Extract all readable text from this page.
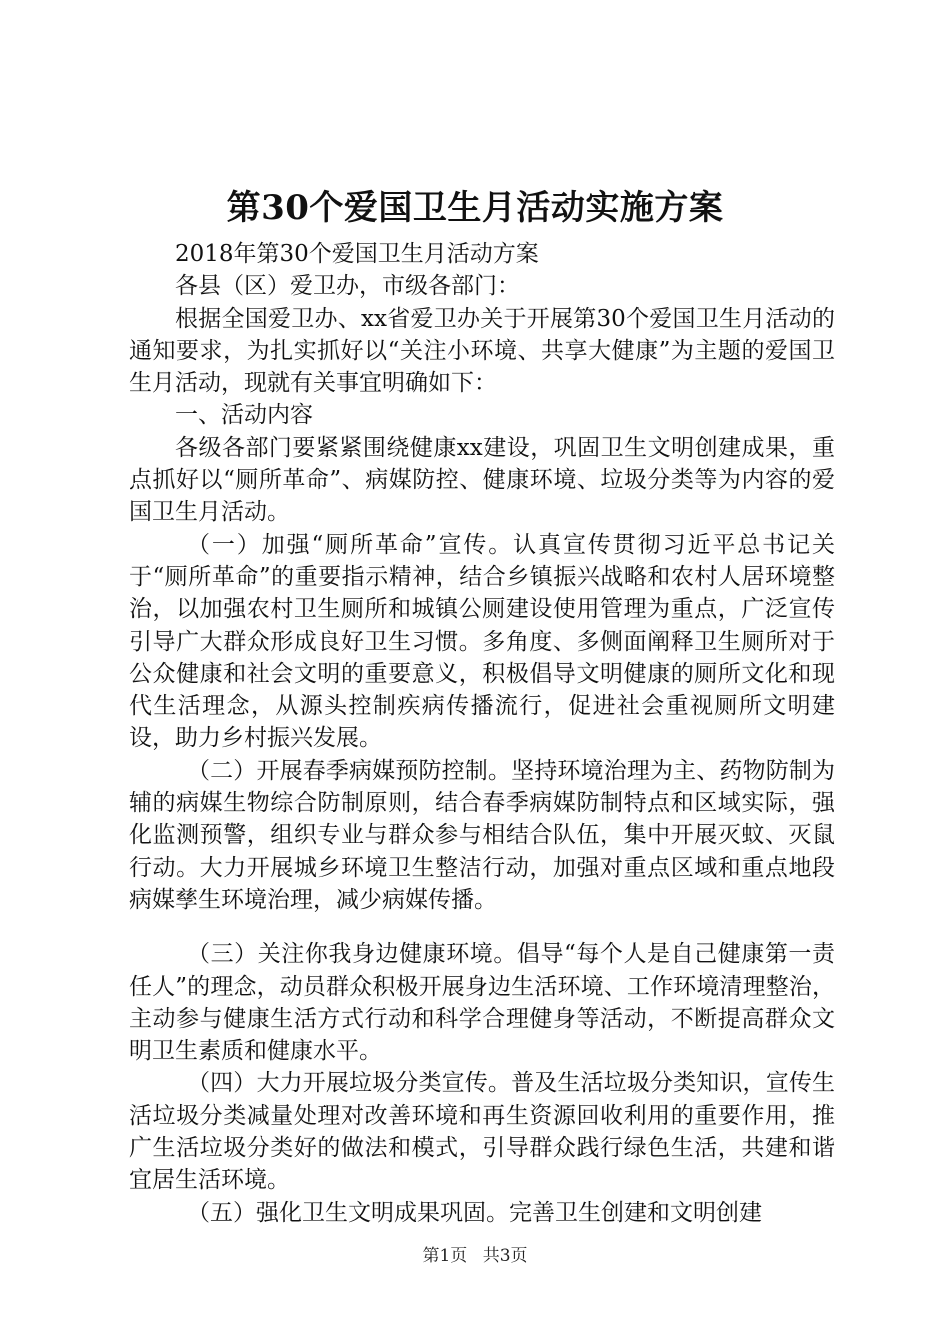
第30个爱国卫生月活动实施方案

2018年第30个爱国卫生月活动方案

各县（区）爱卫办，市级各部门：

根据全国爱卫办、xx省爱卫办关于开展第30个爱国卫生月活动的通知要求，为扎实抓好以“关注小环境、共享大健康”为主题的爱国卫生月活动，现就有关事宜明确如下：

一、活动内容

各级各部门要紧紧围绕健康xx建设，巩固卫生文明创建成果，重点抓好以“厕所革命”、病媒防控、健康环境、垃圾分类等为内容的爱国卫生月活动。

（一）加强“厕所革命”宣传。认真宣传贯彻习近平总书记关于“厕所革命”的重要指示精神，结合乡镇振兴战略和农村人居环境整治，以加强农村卫生厕所和城镇公厕建设使用管理为重点，广泛宣传引导广大群众形成良好卫生习惯。多角度、多侧面阐释卫生厕所对于公众健康和社会文明的重要意义，积极倡导文明健康的厕所文化和现代生活理念，从源头控制疾病传播流行，促进社会重视厕所文明建设，助力乡村振兴发展。

（二）开展春季病媒预防控制。坚持环境治理为主、药物防制为辅的病媒生物综合防制原则，结合春季病媒防制特点和区域实际，强化监测预警，组织专业与群众参与相结合队伍，集中开展灭蚊、灭鼠行动。大力开展城乡环境卫生整洁行动，加强对重点区域和重点地段病媒孳生环境治理，减少病媒传播。

（三）关注你我身边健康环境。倡导“每个人是自己健康第一责任人”的理念，动员群众积极开展身边生活环境、工作环境清理整治，主动参与健康生活方式行动和科学合理健身等活动，不断提高群众文明卫生素质和健康水平。

（四）大力开展垃圾分类宣传。普及生活垃圾分类知识，宣传生活垃圾分类减量处理对改善环境和再生资源回收利用的重要作用，推广生活垃圾分类好的做法和模式，引导群众践行绿色生活，共建和谐宜居生活环境。

（五）强化卫生文明成果巩固。完善卫生创建和文明创建

第1页 共3页
